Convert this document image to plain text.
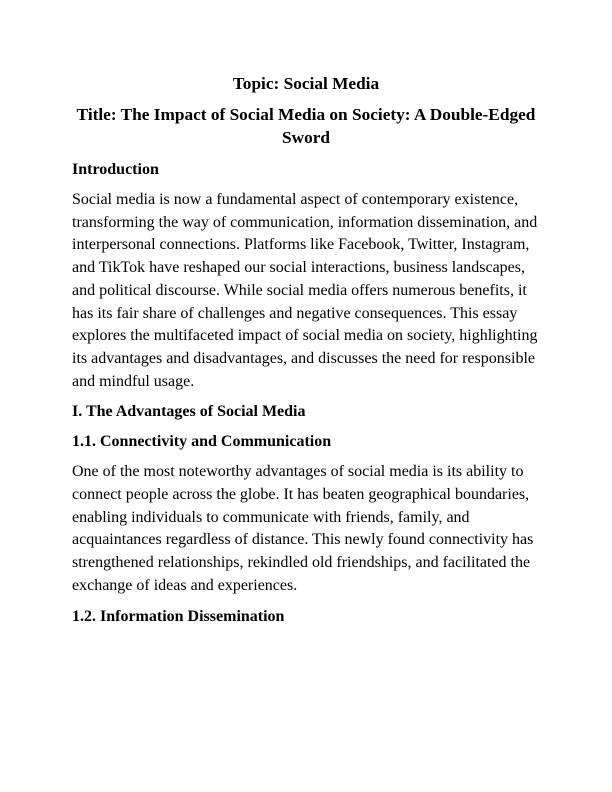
Topic: Social Media
Title: The Impact of Social Media on Society: A Double-Edged Sword
Introduction

Social media is now a fundamental aspect of contemporary existence, transforming the way of communication, information dissemination, and interpersonal connections. Platforms like Facebook, Twitter, Instagram, and TikTok have reshaped our social interactions, business landscapes, and political discourse. While social media offers numerous benefits, it has its fair share of challenges and negative consequences. This essay explores the multifaceted impact of social media on society, highlighting its advantages and disadvantages, and discusses the need for responsible and mindful usage.

I. The Advantages of Social Media
1.1. Connectivity and Communication

One of the most noteworthy advantages of social media is its ability to connect people across the globe. It has beaten geographical boundaries, enabling individuals to communicate with friends, family, and acquaintances regardless of distance. This newly found connectivity has strengthened relationships, rekindled old friendships, and facilitated the exchange of ideas and experiences.

1.2. Information Dissemination
